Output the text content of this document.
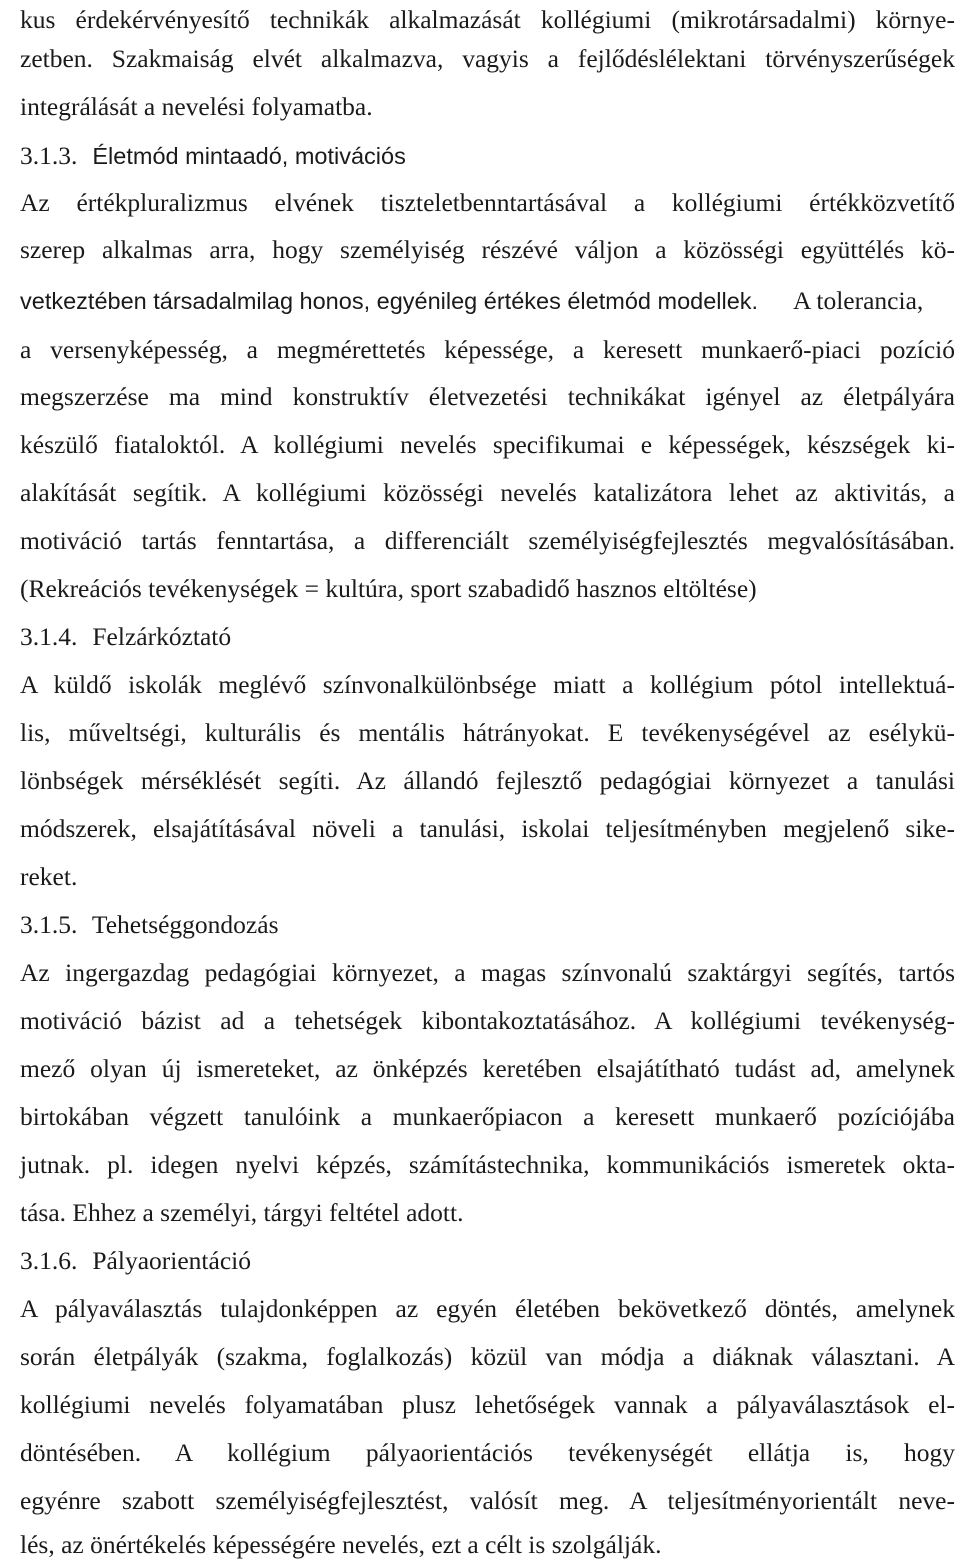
kus érdekérvényesítő technikák alkalmazását kollégiumi (mikrotársadalmi) környe-
zetben. Szakmaiság elvét alkalmazva, vagyis a fejlődéslélektani törvényszerűségek
integrálását a nevelési folyamatba.
3.1.3. Életmód mintaadó, motivációs
Az értékpluralizmus elvének tiszteletbenntartásával a kollégiumi értékközvetítő
szerep alkalmas arra, hogy személyiség részévé váljon a közösségi együttélés kö-
vetkeztében társadalmilag honos, egyénileg értékes életmód modellek.	A tolerancia,
a versenyképesség, a megmérettetés képessége, a keresett munkaerő-piaci pozíció
megszerzése ma mind konstruktív életvezetési technikákat igényel az életpályára
készülő fiataloktól. A kollégiumi nevelés specifikumai e képességek, készségek ki-
alakítását segítik. A kollégiumi közösségi nevelés katalizátora lehet az aktivitás, a
motiváció tartás fenntartása, a differenciált személyiségfejlesztés megvalósításában.
(Rekreációs tevékenységek = kultúra, sport szabadidő hasznos eltöltése)
3.1.4. Felzárkóztató
A küldő iskolák meglévő színvonalkülönbsége miatt a kollégium pótol intellektuá-
lis, műveltségi, kulturális és mentális hátrányokat. E tevékenységével az esélykü-
lönbségek mérséklését segíti. Az állandó fejlesztő pedagógiai környezet a tanulási
módszerek, elsajátításával növeli a tanulási, iskolai teljesítményben megjelenő sike-
reket.
3.1.5. Tehetséggondozás
Az ingergazdag pedagógiai környezet, a magas színvonalú szaktárgyi segítés, tartós
motiváció bázist ad a tehetségek kibontakoztatásához. A kollégiumi tevékenység-
mező olyan új ismereteket, az önképzés keretében elsajátítható tudást ad, amelynek
birtokában végzett tanulóink a munkaerőpiacon a keresett munkaerő pozíciójába
jutnak. pl. idegen nyelvi képzés, számítástechnika, kommunikációs ismeretek okta-
tása. Ehhez a személyi, tárgyi feltétel adott.
3.1.6. Pályaorientáció
A pályaválasztás tulajdonképpen az egyén életében bekövetkező döntés, amelynek
során életpályák (szakma, foglalkozás) közül van módja a diáknak választani. A
kollégiumi nevelés folyamatában plusz lehetőségek vannak a pályaválasztások el-
döntésében. A kollégium pályaorientációs tevékenységét ellátja is, hogy
egyénre szabott személyiségfejlesztést, valósít meg. A teljesítményorientált neve-
lés, az önértékelés képességére nevelés, ezt a célt is szolgálják.
